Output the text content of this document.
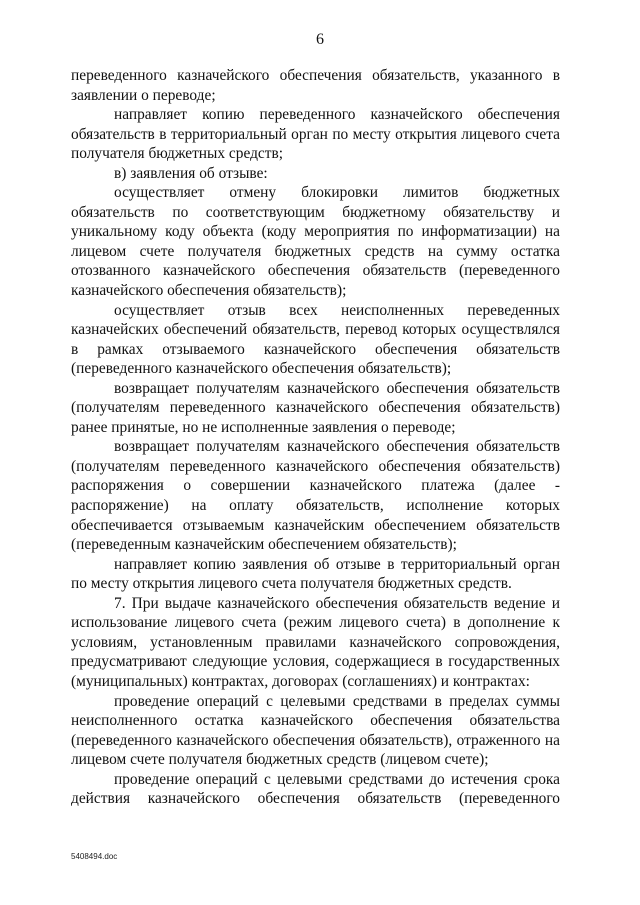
6

переведенного казначейского обеспечения обязательств, указанного в заявлении о переводе;

направляет копию переведенного казначейского обеспечения обязательств в территориальный орган по месту открытия лицевого счета получателя бюджетных средств;

в) заявления об отзыве:

осуществляет отмену блокировки лимитов бюджетных обязательств по соответствующим бюджетному обязательству и уникальному коду объекта (коду мероприятия по информатизации) на лицевом счете получателя бюджетных средств на сумму остатка отозванного казначейского обеспечения обязательств (переведенного казначейского обеспечения обязательств);

осуществляет отзыв всех неисполненных переведенных казначейских обеспечений обязательств, перевод которых осуществлялся в рамках отзываемого казначейского обеспечения обязательств (переведенного казначейского обеспечения обязательств);

возвращает получателям казначейского обеспечения обязательств (получателям переведенного казначейского обеспечения обязательств) ранее принятые, но не исполненные заявления о переводе;

возвращает получателям казначейского обеспечения обязательств (получателям переведенного казначейского обеспечения обязательств) распоряжения о совершении казначейского платежа (далее - распоряжение) на оплату обязательств, исполнение которых обеспечивается отзываемым казначейским обеспечением обязательств (переведенным казначейским обеспечением обязательств);

направляет копию заявления об отзыве в территориальный орган по месту открытия лицевого счета получателя бюджетных средств.

7. При выдаче казначейского обеспечения обязательств ведение и использование лицевого счета (режим лицевого счета) в дополнение к условиям, установленным правилами казначейского сопровождения, предусматривают следующие условия, содержащиеся в государственных (муниципальных) контрактах, договорах (соглашениях) и контрактах:

проведение операций с целевыми средствами в пределах суммы неисполненного остатка казначейского обеспечения обязательства (переведенного казначейского обеспечения обязательств), отраженного на лицевом счете получателя бюджетных средств (лицевом счете);

проведение операций с целевыми средствами до истечения срока действия казначейского обеспечения обязательств (переведенного

5408494.doc
